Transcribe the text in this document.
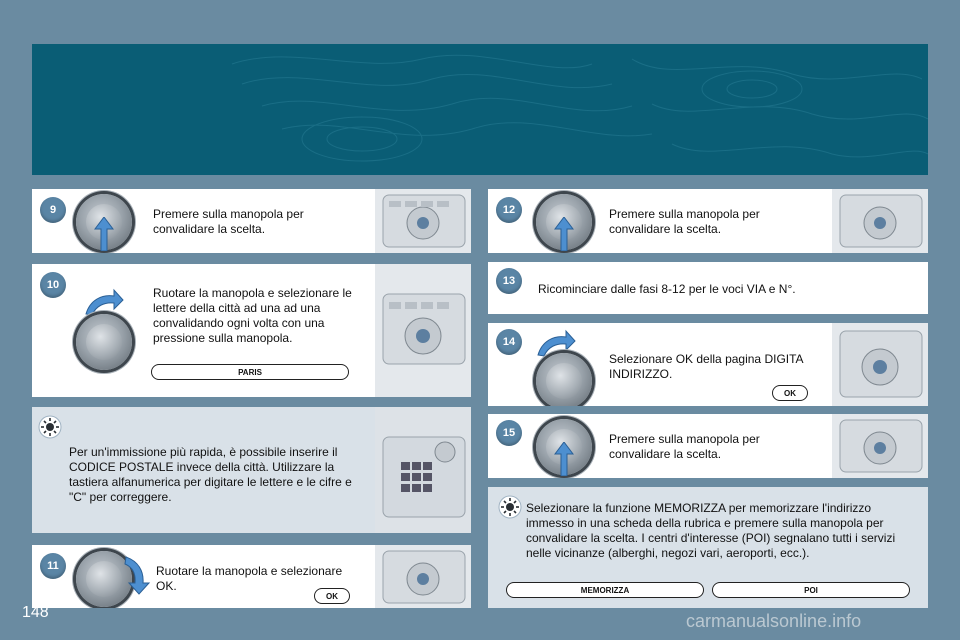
9	Premere sulla manopola per convalidare la scelta.
10
Ruotare la manopola e selezionare le lettere della città ad una ad una convalidando ogni volta con una pressione sulla manopola.
PARIS
Per un'immissione più rapida, è possibile inserire il CODICE POSTALE invece della città. Utilizzare la tastiera alfanumerica per digitare le lettere e le cifre e "C" per correggere.
11	Ruotare la manopola e selezionare OK.
OK
12	Premere sulla manopola per convalidare la scelta.
13
Ricominciare dalle fasi 8-12 per le voci VIA e N°.
14
Selezionare OK della pagina DIGITA INDIRIZZO.
OK
15	Premere sulla manopola per convalidare la scelta.
Selezionare la funzione MEMORIZZA per memorizzare l'indirizzo immesso in una scheda della rubrica e premere sulla manopola per convalidare la scelta. I centri d'interesse (POI) segnalano tutti i servizi nelle vicinanze (alberghi, negozi vari, aeroporti, ecc.).
MEMORIZZA	POI
148	carmanualsonline.info
